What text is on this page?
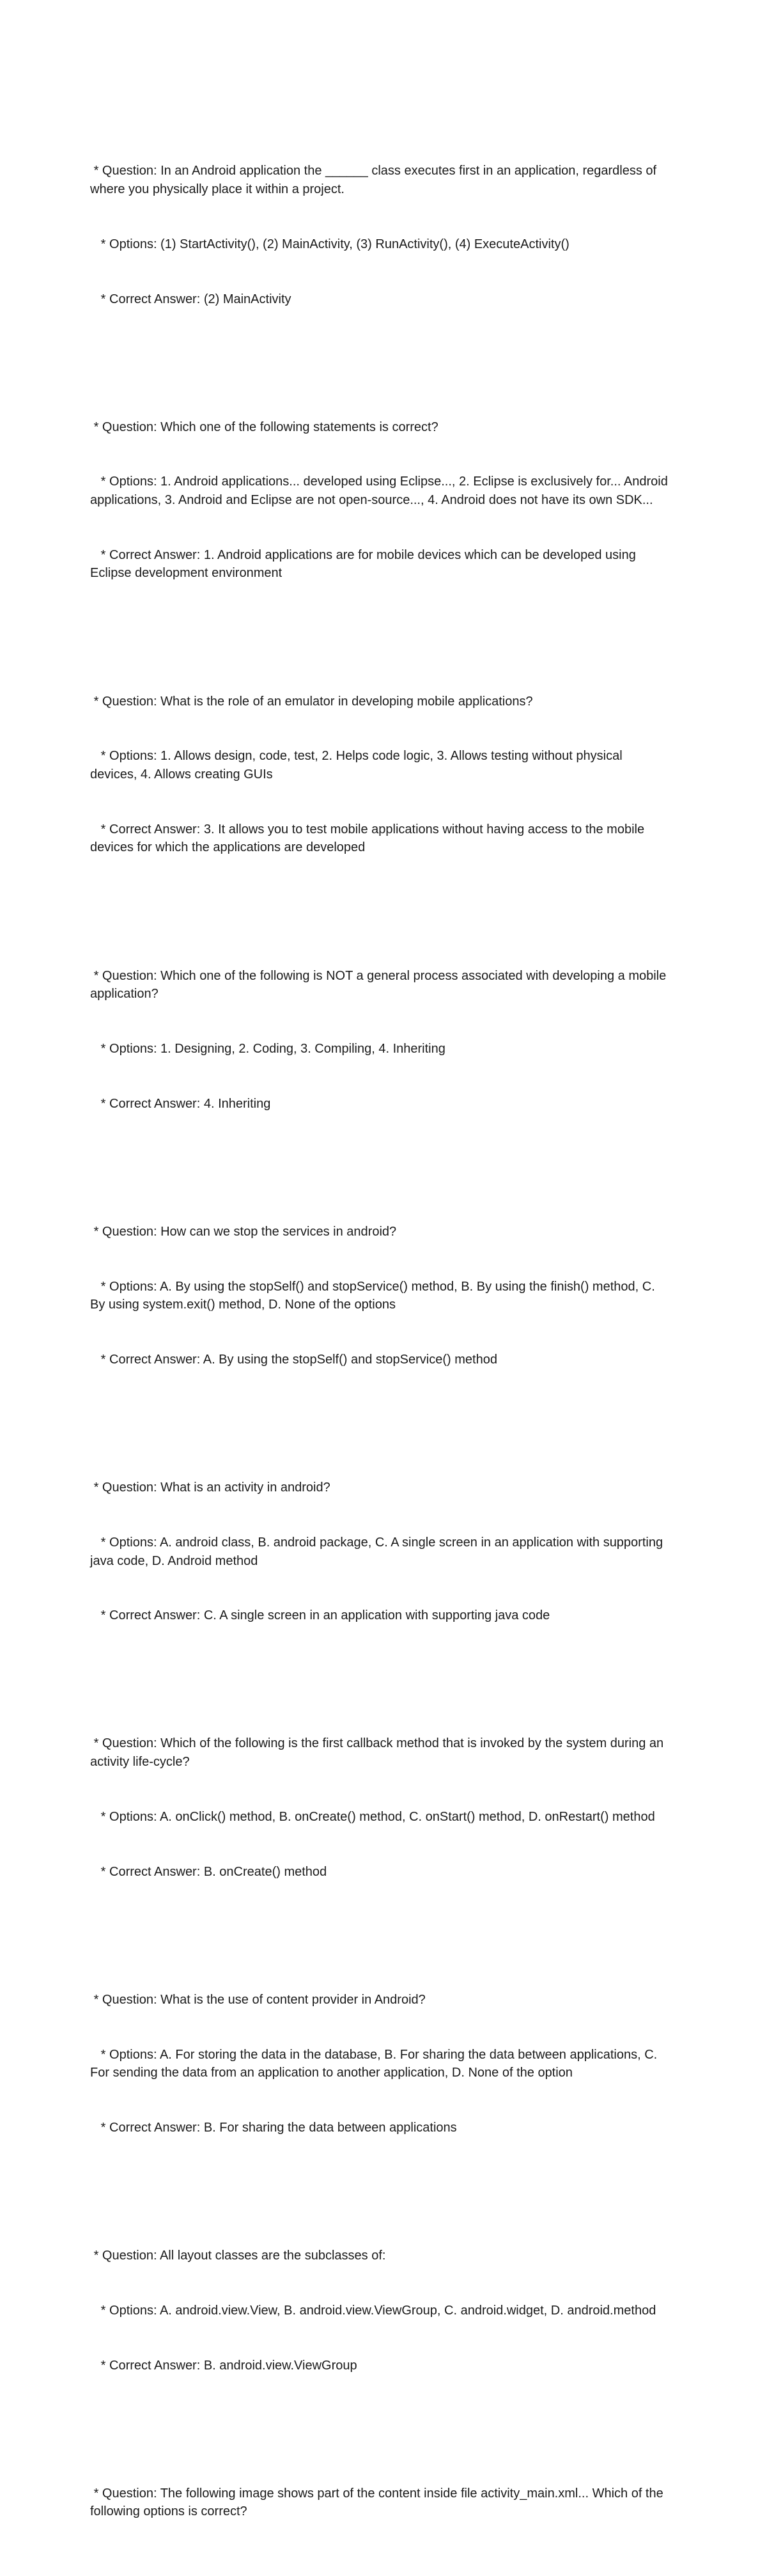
* Question: In an Android application the ______ class executes first in an application, regardless of where you physically place it within a project.

* Options: (1) StartActivity(), (2) MainActivity, (3) RunActivity(), (4) ExecuteActivity()

* Correct Answer: (2) MainActivity

* Question: Which one of the following statements is correct?

* Options: 1. Android applications... developed using Eclipse..., 2. Eclipse is exclusively for... Android applications, 3. Android and Eclipse are not open-source..., 4. Android does not have its own SDK...

* Correct Answer: 1. Android applications are for mobile devices which can be developed using Eclipse development environment

* Question: What is the role of an emulator in developing mobile applications?

* Options: 1. Allows design, code, test, 2. Helps code logic, 3. Allows testing without physical devices, 4. Allows creating GUIs

* Correct Answer: 3. It allows you to test mobile applications without having access to the mobile devices for which the applications are developed

* Question: Which one of the following is NOT a general process associated with developing a mobile application?

* Options: 1. Designing, 2. Coding, 3. Compiling, 4. Inheriting

* Correct Answer: 4. Inheriting

* Question: How can we stop the services in android?

* Options: A. By using the stopSelf() and stopService() method, B. By using the finish() method, C. By using system.exit() method, D. None of the options

* Correct Answer: A. By using the stopSelf() and stopService() method

* Question: What is an activity in android?

* Options: A. android class, B. android package, C. A single screen in an application with supporting java code, D. Android method

* Correct Answer: C. A single screen in an application with supporting java code

* Question: Which of the following is the first callback method that is invoked by the system during an activity life-cycle?

* Options: A. onClick() method, B. onCreate() method, C. onStart() method, D. onRestart() method

* Correct Answer: B. onCreate() method

* Question: What is the use of content provider in Android?

* Options: A. For storing the data in the database, B. For sharing the data between applications, C. For sending the data from an application to another application, D. None of the option

* Correct Answer: B. For sharing the data between applications

* Question: All layout classes are the subclasses of:

* Options: A. android.view.View, B. android.view.ViewGroup, C. android.widget, D. android.method

* Correct Answer: B. android.view.ViewGroup

* Question: The following image shows part of the content inside file activity_main.xml... Which of the following options is correct?
